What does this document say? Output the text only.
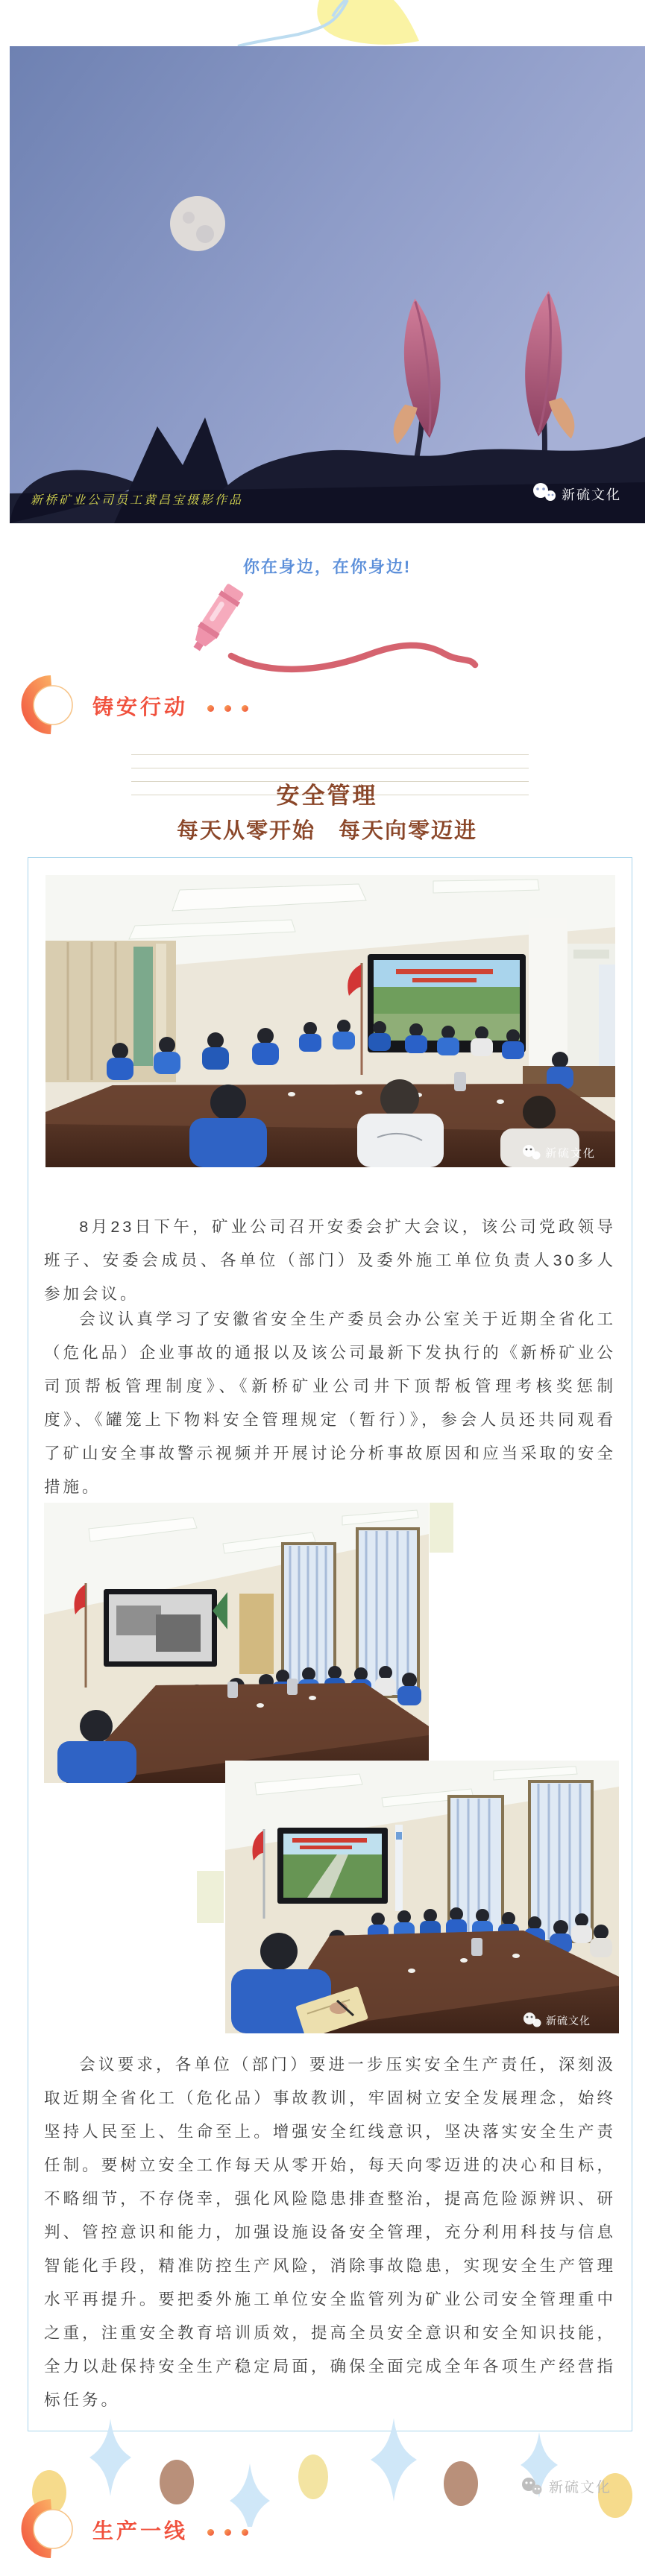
新桥矿业公司员工黄昌宝摄影作品	新硫文化
你在身边，在你身边!
铸安行动
安全管理
每天从零开始　每天向零迈进
新硫文化
8月23日下午，矿业公司召开安委会扩大会议，该公司党政领导班子、安委会成员、各单位（部门）及委外施工单位负责人30多人参加会议。
会议认真学习了安徽省安全生产委员会办公室关于近期全省化工（危化品）企业事故的通报以及该公司最新下发执行的《新桥矿业公司顶帮板管理制度》、《新桥矿业公司井下顶帮板管理考核奖惩制度》、《罐笼上下物料安全管理规定（暂行）》，参会人员还共同观看了矿山安全事故警示视频并开展讨论分析事故原因和应当采取的安全措施。
新硫文化
会议要求，各单位（部门）要进一步压实安全生产责任，深刻汲取近期全省化工（危化品）事故教训，牢固树立安全发展理念，始终坚持人民至上、生命至上。增强安全红线意识，坚决落实安全生产责任制。要树立安全工作每天从零开始，每天向零迈进的决心和目标，不略细节，不存侥幸，强化风险隐患排查整治，提高危险源辨识、研判、管控意识和能力，加强设施设备安全管理，充分利用科技与信息智能化手段，精准防控生产风险，消除事故隐患，实现安全生产管理水平再提升。要把委外施工单位安全监管列为矿业公司安全管理重中之重，注重安全教育培训质效，提高全员安全意识和安全知识技能，全力以赴保持安全生产稳定局面，确保全面完成全年各项生产经营指标任务。
新硫文化
生产一线
